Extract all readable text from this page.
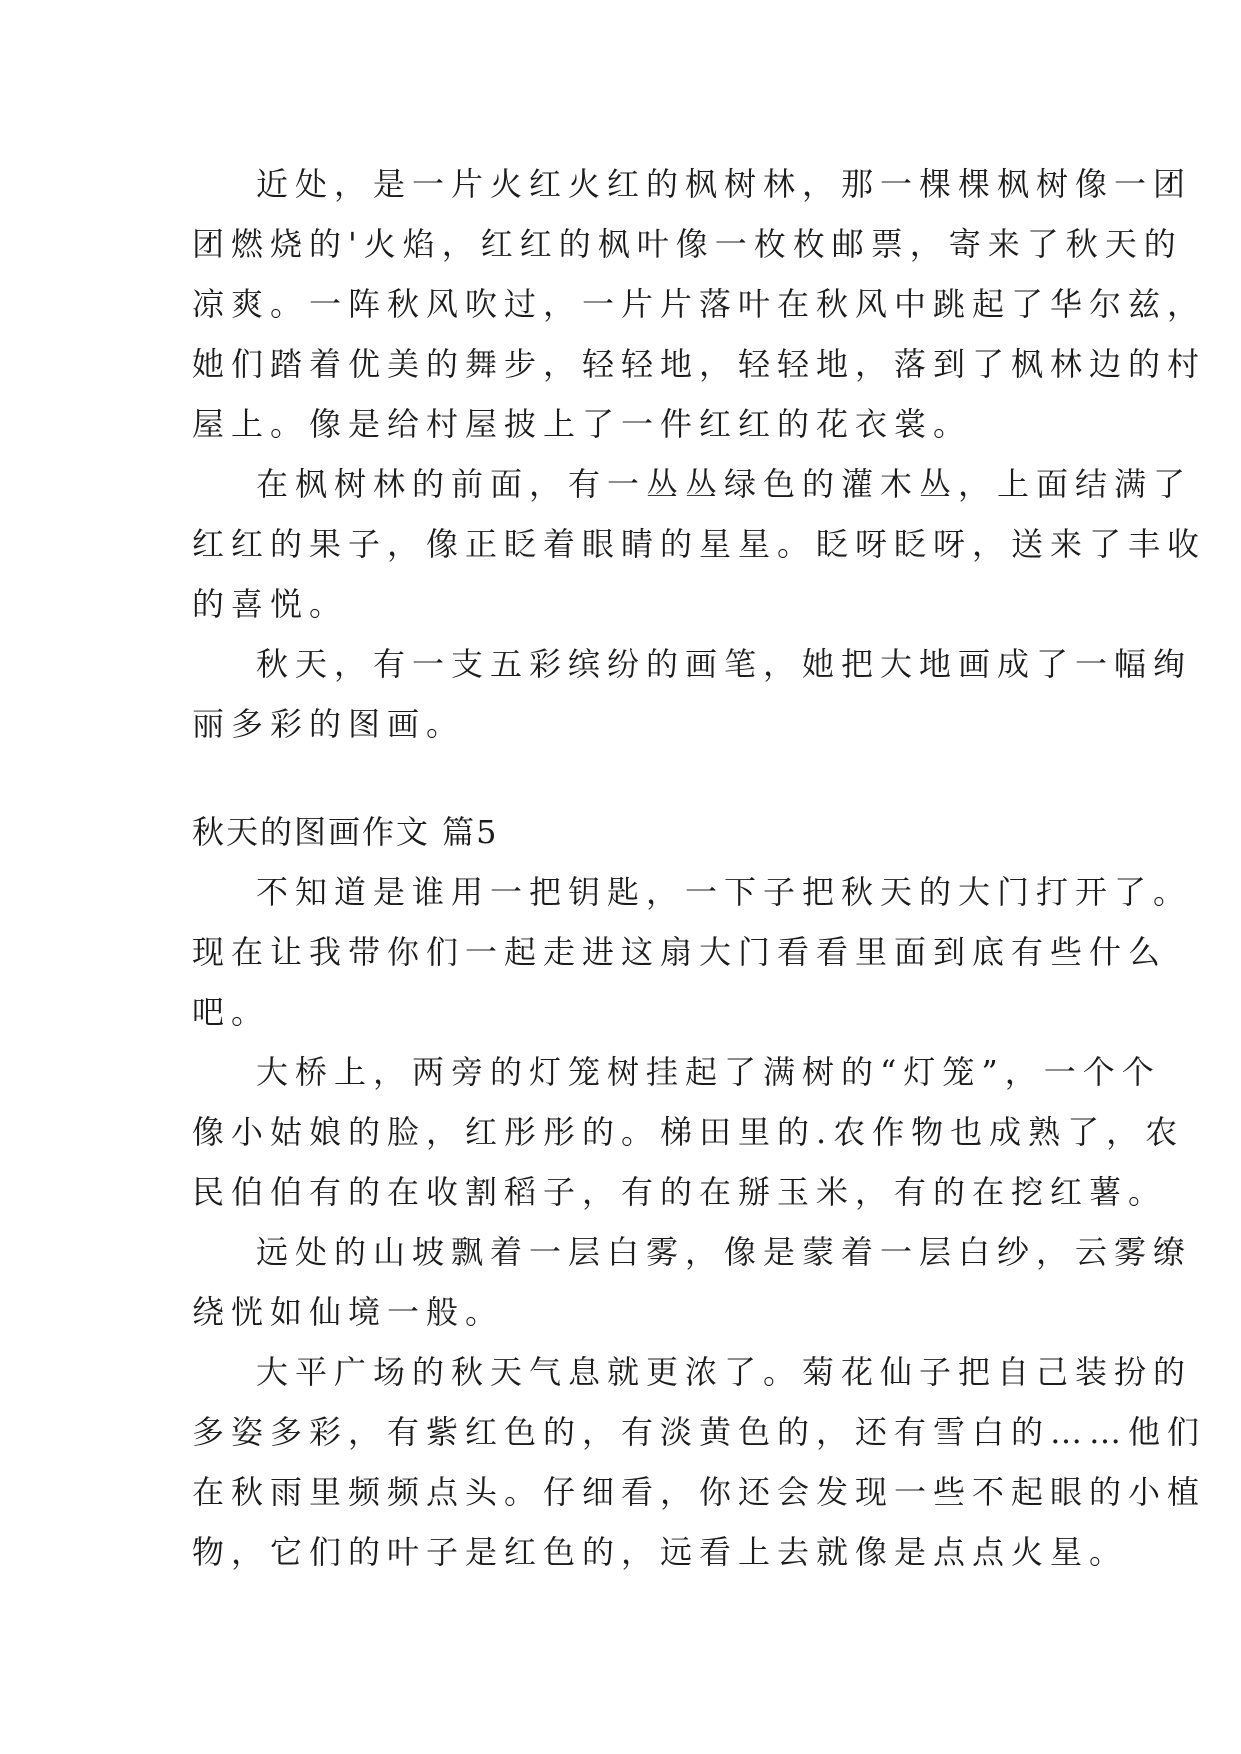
近处，是一片火红火红的枫树林，那一棵棵枫树像一团
团燃烧的'火焰，红红的枫叶像一枚枚邮票，寄来了秋天的
凉爽。一阵秋风吹过，一片片落叶在秋风中跳起了华尔兹，
她们踏着优美的舞步，轻轻地，轻轻地，落到了枫林边的村
屋上。像是给村屋披上了一件红红的花衣裳。
在枫树林的前面，有一丛丛绿色的灌木丛，上面结满了
红红的果子，像正眨着眼睛的星星。眨呀眨呀，送来了丰收
的喜悦。
秋天，有一支五彩缤纷的画笔，她把大地画成了一幅绚
丽多彩的图画。
秋天的图画作文 篇5
不知道是谁用一把钥匙，一下子把秋天的大门打开了。
现在让我带你们一起走进这扇大门看看里面到底有些什么
吧。
大桥上，两旁的灯笼树挂起了满树的“灯笼”，一个个
像小姑娘的脸，红彤彤的。梯田里的.农作物也成熟了，农
民伯伯有的在收割稻子，有的在掰玉米，有的在挖红薯。
远处的山坡飘着一层白雾，像是蒙着一层白纱，云雾缭
绕恍如仙境一般。
大平广场的秋天气息就更浓了。菊花仙子把自己装扮的
多姿多彩，有紫红色的，有淡黄色的，还有雪白的……他们
在秋雨里频频点头。仔细看，你还会发现一些不起眼的小植
物，它们的叶子是红色的，远看上去就像是点点火星。
